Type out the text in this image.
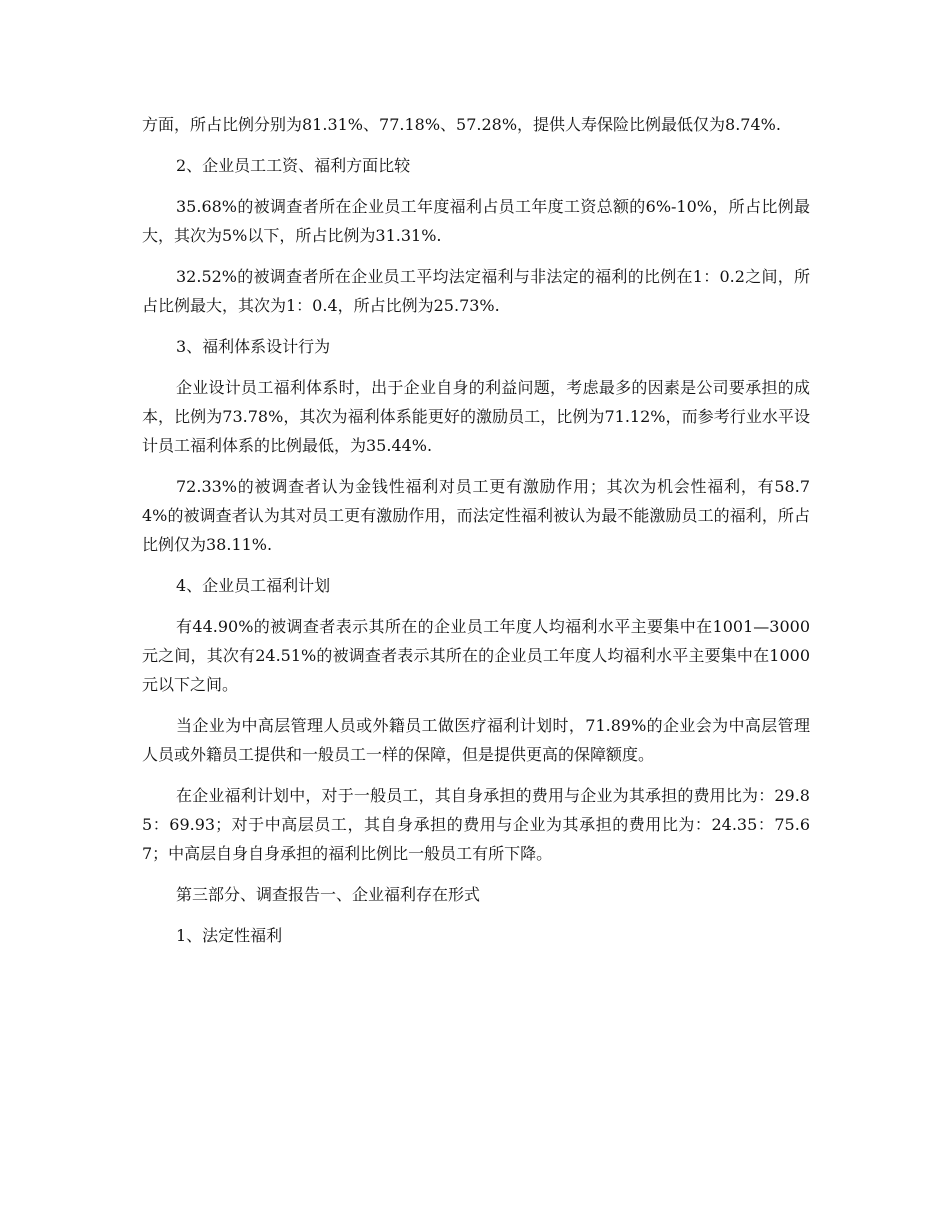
方面，所占比例分别为81.31%、77.18%、57.28%，提供人寿保险比例最低仅为8.74%.

2、企业员工工资、福利方面比较

35.68%的被调查者所在企业员工年度福利占员工年度工资总额的6%-10%，所占比例最大，其次为5%以下，所占比例为31.31%.

32.52%的被调查者所在企业员工平均法定福利与非法定的福利的比例在1：0.2之间，所占比例最大，其次为1：0.4，所占比例为25.73%.

3、福利体系设计行为

企业设计员工福利体系时，出于企业自身的利益问题，考虑最多的因素是公司要承担的成本，比例为73.78%，其次为福利体系能更好的激励员工，比例为71.12%，而参考行业水平设计员工福利体系的比例最低，为35.44%.

72.33%的被调查者认为金钱性福利对员工更有激励作用；其次为机会性福利，有58.74%的被调查者认为其对员工更有激励作用，而法定性福利被认为最不能激励员工的福利，所占比例仅为38.11%.

4、企业员工福利计划

有44.90%的被调查者表示其所在的企业员工年度人均福利水平主要集中在1001—3000元之间，其次有24.51%的被调查者表示其所在的企业员工年度人均福利水平主要集中在1000元以下之间。

当企业为中高层管理人员或外籍员工做医疗福利计划时，71.89%的企业会为中高层管理人员或外籍员工提供和一般员工一样的保障，但是提供更高的保障额度。

在企业福利计划中，对于一般员工，其自身承担的费用与企业为其承担的费用比为：29.85：69.93；对于中高层员工，其自身承担的费用与企业为其承担的费用比为：24.35：75.67；中高层自身自身承担的福利比例比一般员工有所下降。

第三部分、调查报告一、企业福利存在形式

1、法定性福利
